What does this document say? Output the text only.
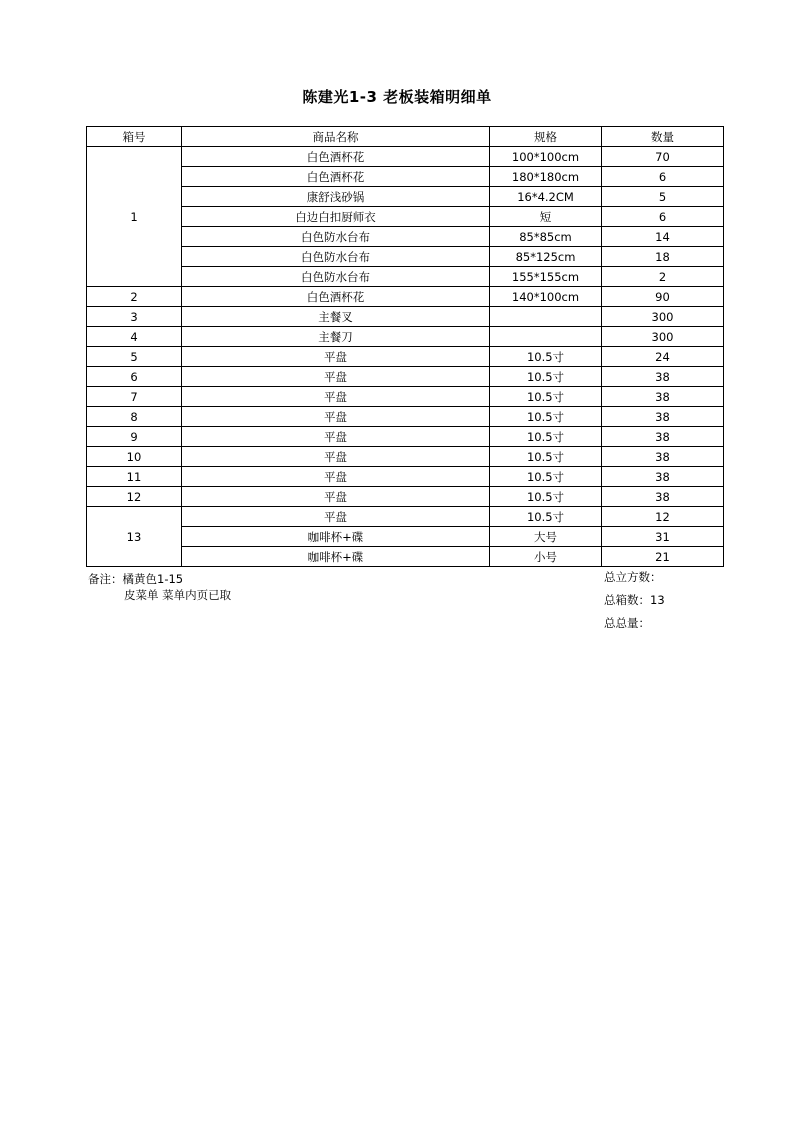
陈建光1-3 老板装箱明细单
箱号	商品名称	规格	数量
1	白色酒杯花	100*100cm	70
	白色酒杯花	180*180cm	6
	康舒浅砂锅	16*4.2CM	5
	白边白扣厨师衣	短	6
	白色防水台布	85*85cm	14
	白色防水台布	85*125cm	18
	白色防水台布	155*155cm	2
2	白色酒杯花	140*100cm	90
3	主餐叉		300
4	主餐刀		300
5	平盘	10.5寸	24
6	平盘	10.5寸	38
7	平盘	10.5寸	38
8	平盘	10.5寸	38
9	平盘	10.5寸	38
10	平盘	10.5寸	38
11	平盘	10.5寸	38
12	平盘	10.5寸	38
13	平盘	10.5寸	12
	咖啡杯+碟	大号	31
	咖啡杯+碟	小号	21
备注：橘黄色1-15
皮菜单 菜单内页已取
总立方数：
总箱数：13
总总量：
